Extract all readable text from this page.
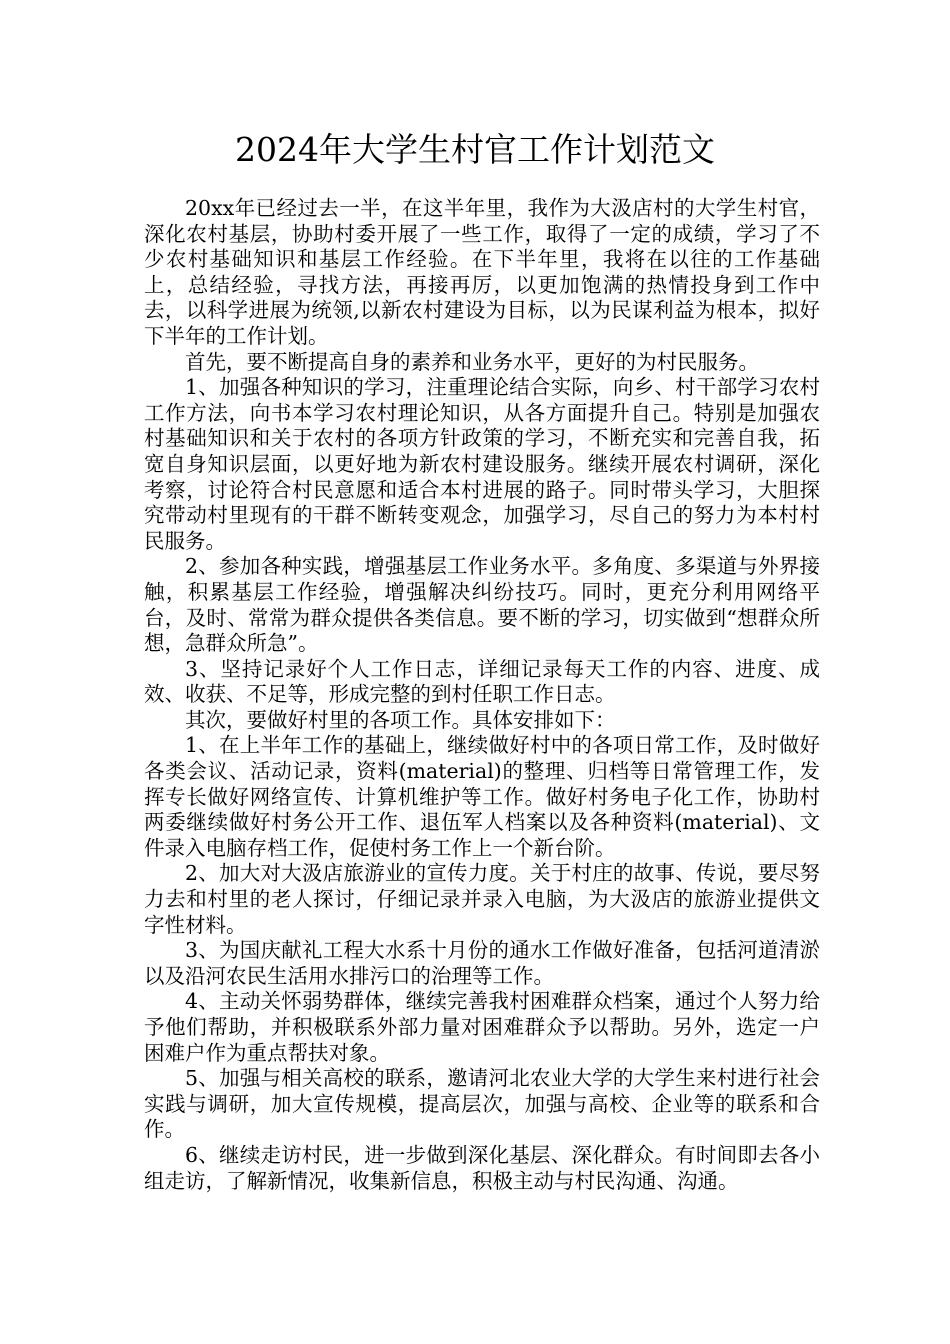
2024年大学生村官工作计划范文

20xx年已经过去一半，在这半年里，我作为大汲店村的大学生村官，深化农村基层，协助村委开展了一些工作，取得了一定的成绩，学习了不少农村基础知识和基层工作经验。在下半年里，我将在以往的工作基础上，总结经验，寻找方法，再接再厉，以更加饱满的热情投身到工作中去，以科学进展为统领,以新农村建设为目标，以为民谋利益为根本，拟好下半年的工作计划。

首先，要不断提高自身的素养和业务水平，更好的为村民服务。

1、加强各种知识的学习，注重理论结合实际，向乡、村干部学习农村工作方法，向书本学习农村理论知识，从各方面提升自己。特别是加强农村基础知识和关于农村的各项方针政策的学习，不断充实和完善自我，拓宽自身知识层面，以更好地为新农村建设服务。继续开展农村调研，深化考察，讨论符合村民意愿和适合本村进展的路子。同时带头学习，大胆探究带动村里现有的干群不断转变观念，加强学习，尽自己的努力为本村村民服务。

2、参加各种实践，增强基层工作业务水平。多角度、多渠道与外界接触，积累基层工作经验，增强解决纠纷技巧。同时，更充分利用网络平台，及时、常常为群众提供各类信息。要不断的学习，切实做到“想群众所想，急群众所急”。

3、坚持记录好个人工作日志，详细记录每天工作的内容、进度、成效、收获、不足等，形成完整的到村任职工作日志。

其次，要做好村里的各项工作。具体安排如下：

1、在上半年工作的基础上，继续做好村中的各项日常工作，及时做好各类会议、活动记录，资料(material)的整理、归档等日常管理工作，发挥专长做好网络宣传、计算机维护等工作。做好村务电子化工作，协助村两委继续做好村务公开工作、退伍军人档案以及各种资料(material)、文件录入电脑存档工作，促使村务工作上一个新台阶。

2、加大对大汲店旅游业的宣传力度。关于村庄的故事、传说，要尽努力去和村里的老人探讨，仔细记录并录入电脑，为大汲店的旅游业提供文字性材料。

3、为国庆献礼工程大水系十月份的通水工作做好准备，包括河道清淤以及沿河农民生活用水排污口的治理等工作。

4、主动关怀弱势群体，继续完善我村困难群众档案，通过个人努力给予他们帮助，并积极联系外部力量对困难群众予以帮助。另外，选定一户困难户作为重点帮扶对象。

5、加强与相关高校的联系，邀请河北农业大学的大学生来村进行社会实践与调研，加大宣传规模，提高层次，加强与高校、企业等的联系和合作。

6、继续走访村民，进一步做到深化基层、深化群众。有时间即去各小组走访，了解新情况，收集新信息，积极主动与村民沟通、沟通。
